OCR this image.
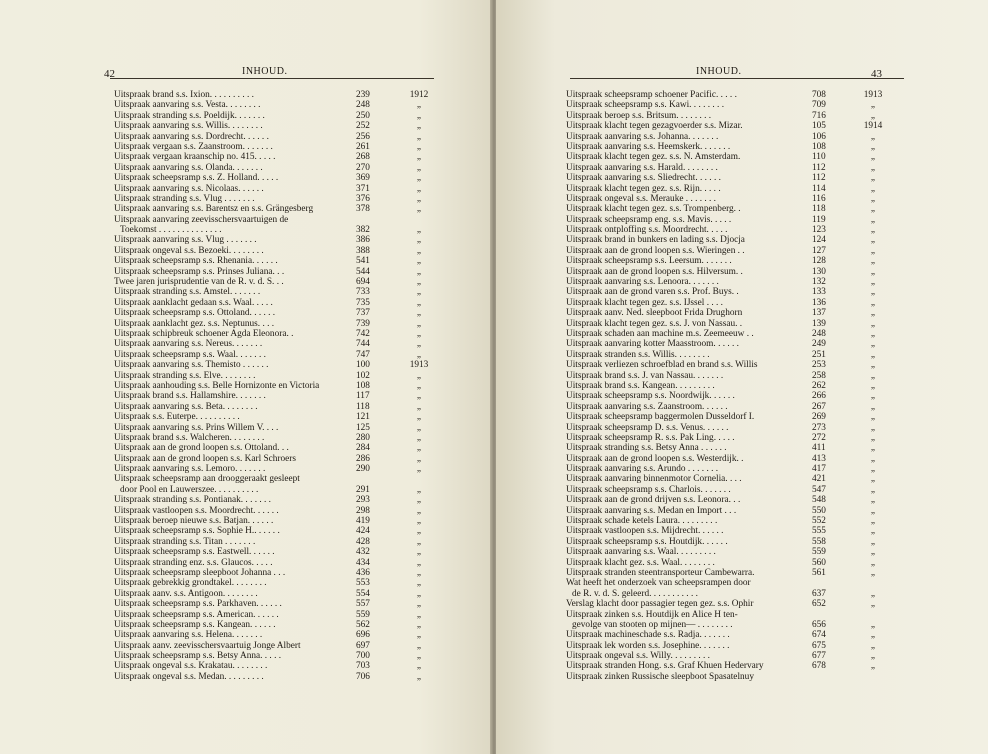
42	INHOUD.
Uitspraak brand s.s. Ixion. . . . . . . . . .	239	1912
Uitspraak aanvaring s.s. Vesta. . . . . . . .	248	„
Uitspraak stranding s.s. Poeldijk. . . . . . .	250	„
Uitspraak aanvaring s.s. Willis. . . . . . . .	252	„
Uitspraak aanvaring s.s. Dordrecht. . . . . .	256	„
Uitspraak vergaan s.s. Zaanstroom. . . . . . .	261	„
Uitspraak vergaan kraanschip no. 415. . . . .	268	„
Uitspraak aanvaring s.s. Olanda. . . . . . .	270	„
Uitspraak scheepsramp s.s. Z. Holland. . . . .	369	„
Uitspraak aanvaring s.s. Nicolaas. . . . . .	371	„
Uitspraak stranding s.s. Vlug . . . . . . .	376	„
Uitspraak aanvaring s.s. Barentsz en s.s. Grängesberg	378	„
Uitspraak aanvaring zeevisschersvaartuigen de
Toekomst . . . . . . . . . . . . . .	382	„
Uitspraak aanvaring s.s. Vlug . . . . . . .	386	„
Uitspraak ongeval s.s. Bezoeki. . . . . . . .	388	„
Uitspraak scheepsramp s.s. Rhenania. . . . . .	541	„
Uitspraak scheepsramp s.s. Prinses Juliana. . .	544	„
Twee jaren jurisprudentie van de R. v. d. S. . .	694	„
Uitspraak stranding s.s. Amstel. . . . . . .	733	„
Uitspraak aanklacht gedaan s.s. Waal. . . . .	735	„
Uitspraak scheepsramp s.s. Ottoland. . . . . .	737	„
Uitspraak aanklacht gez. s.s. Neptunus. . . .	739	„
Uitspraak schipbreuk schoener Agda Eleonora. .	742	„
Uitspraak aanvaring s.s. Nereus. . . . . . .	744	„
Uitspraak scheepsramp s.s. Waal. . . . . . .	747	„
Uitspraak aanvaring s.s. Themisto . . . . . .	100	1913
Uitspraak stranding s.s. Elve. . . . . . . .	102	„
Uitspraak aanhouding s.s. Belle Hornizonte en Victoria	108	„
Uitspraak brand s.s. Hallamshire. . . . . . .	117	„
Uitspraak aanvaring s.s. Beta. . . . . . . .	118	„
Uitspraak s.s. Euterpe. . . . . . . . . .	121	„
Uitspraak aanvaring s.s. Prins Willem V. . . .	125	„
Uitspraak brand s.s. Walcheren. . . . . . . .	280	„
Uitspraak aan de grond loopen s.s. Ottoland. . .	284	„
Uitspraak aan de grond loopen s.s. Karl Schroers	286	„
Uitspraak aanvaring s.s. Lemoro. . . . . . .	290	„
Uitspraak scheepsramp aan drooggeraakt gesleept
door Pool en Lauwerszee. . . . . . . . . .	291	„
Uitspraak stranding s.s. Pontianak. . . . . . .	293	„
Uitspraak vastloopen s.s. Moordrecht. . . . . .	298	„
Uitspraak beroep nieuwe s.s. Batjan. . . . . .	419	„
Uitspraak scheepsramp s.s. Sophie H.. . . . . .	424	„
Uitspraak stranding s.s. Titan . . . . . . .	428	„
Uitspraak scheepsramp s.s. Eastwell. . . . . .	432	„
Uitspraak stranding enz. s.s. Glaucos. . . . .	434	„
Uitspraak scheepsramp sleepboot Johanna . . .	436	„
Uitspraak gebrekkig grondtakel. . . . . . . .	553	„
Uitspraak aanv. s.s. Antigoon. . . . . . . .	554	„
Uitspraak scheepsramp s.s. Parkhaven. . . . . .	557	„
Uitspraak scheepsramp s.s. American. . . . . .	559	„
Uitspraak scheepsramp s.s. Kangean. . . . . .	562	„
Uitspraak aanvaring s.s. Helena. . . . . . .	696	„
Uitspraak aanv. zeevisschersvaartuig Jonge Albert	697	„
Uitspraak scheepsramp s.s. Betsy Anna. . . . .	700	„
Uitspraak ongeval s.s. Krakatau. . . . . . . .	703	„
Uitspraak ongeval s.s. Medan. . . . . . . . .	706	„
INHOUD.	43
Uitspraak scheepsramp schoener Pacific. . . . .	708	1913
Uitspraak scheepsramp s.s. Kawi. . . . . . . .	709	„
Uitspraak beroep s.s. Britsum. . . . . . . .	716	„
Uitspraak klacht tegen gezagvoerder s.s. Mizar.	105	1914
Uitspraak aanvaring s.s. Johanna. . . . . . .	106	„
Uitspraak aanvaring s.s. Heemskerk. . . . . . .	108	„
Uitspraak klacht tegen gez. s.s. N. Amsterdam.	110	„
Uitspraak aanvaring s.s. Harald. . . . . . . .	112	„
Uitspraak aanvaring s.s. Sliedrecht. . . . . .	112	„
Uitspraak klacht tegen gez. s.s. Rijn. . . . .	114	„
Uitspraak ongeval s.s. Merauke . . . . . . .	116	„
Uitspraak klacht tegen gez. s.s. Trompenberg. .	118	„
Uitspraak scheepsramp eng. s.s. Mavis. . . . .	119	„
Uitspraak ontploffing s.s. Moordrecht. . . . .	123	„
Uitspraak brand in bunkers en lading s.s. Djocja	124	„
Uitspraak aan de grond loopen s.s. Wieringen . .	127	„
Uitspraak scheepsramp s.s. Leersum. . . . . . .	128	„
Uitspraak aan de grond loopen s.s. Hilversum. .	130	„
Uitspraak aanvaring s.s. Lenoora. . . . . . .	132	„
Uitspraak aan de grond varen s.s. Prof. Buys. .	133	„
Uitspraak klacht tegen gez. s.s. IJssel . . . .	136	„
Uitspraak aanv. Ned. sleepboot Frida Drughorn	137	„
Uitspraak klacht tegen gez. s.s. J. von Nassau. .	139	„
Uitspraak schaden aan machine m.s. Zeemeeuw . .	248	„
Uitspraak aanvaring kotter Maasstroom. . . . . .	249	„
Uitspraak stranden s.s. Willis. . . . . . . .	251	„
Uitspraak verliezen schroefblad en brand s.s. Willis	253	„
Uitspraak brand s.s. J. van Nassau. . . . . . .	258	„
Uitspraak brand s.s. Kangean. . . . . . . . .	262	„
Uitspraak scheepsramp s.s. Noordwijk. . . . . .	266	„
Uitspraak aanvaring s.s. Zaanstroom. . . . . .	267	„
Uitspraak scheepsramp baggermolen Dusseldorf I.	269	„
Uitspraak scheepsramp D. s.s. Venus. . . . . .	273	„
Uitspraak scheepsramp R. s.s. Pak Ling. . . . .	272	„
Uitspraak stranding s.s. Betsy Anna . . . . . .	411	„
Uitspraak aan de grond loopen s.s. Westerdijk. .	413	„
Uitspraak aanvaring s.s. Arundo . . . . . . .	417	„
Uitspraak aanvaring binnenmotor Cornelia. . . .	421	„
Uitspraak scheepsramp s.s. Charlois. . . . . . .	547	„
Uitspraak aan de grond drijven s.s. Leonora. . .	548	„
Uitspraak aanvaring s.s. Medan en Import . . .	550	„
Uitspraak schade ketels Laura. . . . . . . . .	552	„
Uitspraak vastloopen s.s. Mijdrecht. . . . . .	555	„
Uitspraak scheepsramp s.s. Houtdijk. . . . . .	558	„
Uitspraak aanvaring s.s. Waal. . . . . . . . .	559	„
Uitspraak klacht gez. s.s. Waal. . . . . . . .	560	„
Uitspraak stranden steentransporteur Cambewarra.	561	„
Wat heeft het onderzoek van scheepsrampen door
de R. v. d. S. geleerd. . . . . . . . . . .	637	„
Verslag klacht door passagier tegen gez. s.s. Ophir	652	„
Uitspraak zinken s.s. Houtdijk en Alice H ten-
gevolge van stooten op mijnen— . . . . . . . .	656	„
Uitspraak machineschade s.s. Radja. . . . . . .	674	„
Uitspraak lek worden s.s. Josephine. . . . . . .	675	„
Uitspraak ongeval s.s. Willy. . . . . . . . .	677	„
Uitspraak stranden Hong. s.s. Graf Khuen Hedervary	678	„
Uitspraak zinken Russische sleepboot Spasatelnuy
